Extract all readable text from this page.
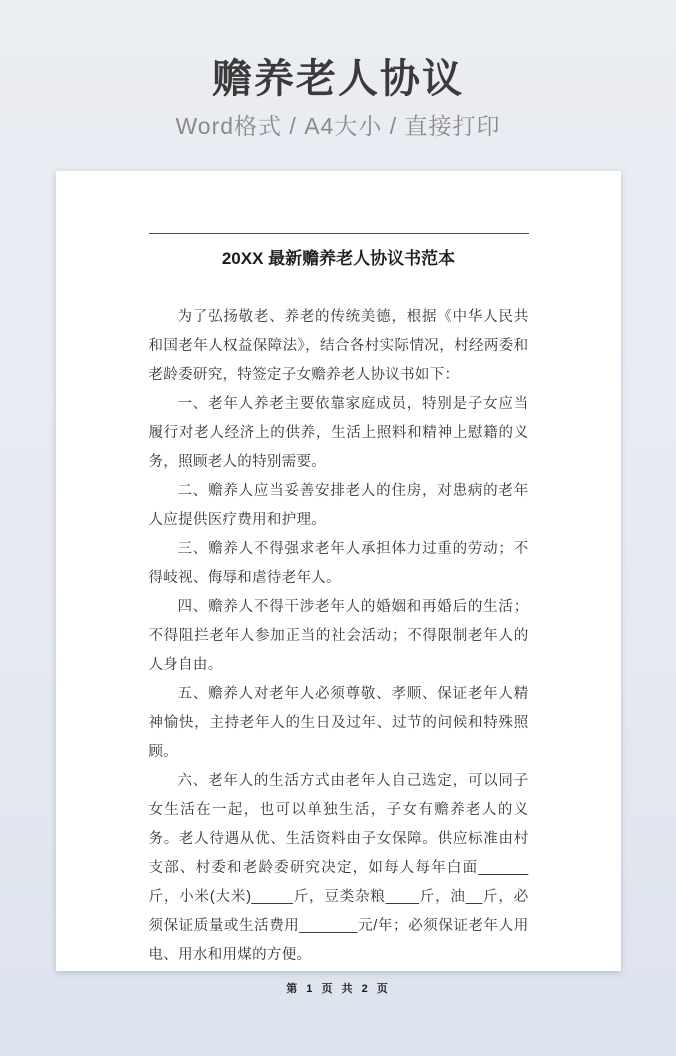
赡养老人协议
Word格式 / A4大小 / 直接打印
20XX 最新赡养老人协议书范本

为了弘扬敬老、养老的传统美德，根据《中华人民共和国老年人权益保障法》，结合各村实际情况，村经两委和老龄委研究，特签定子女赡养老人协议书如下：

一、老年人养老主要依靠家庭成员，特别是子女应当履行对老人经济上的供养，生活上照料和精神上慰籍的义务，照顾老人的特别需要。

二、赡养人应当妥善安排老人的住房，对患病的老年人应提供医疗费用和护理。

三、赡养人不得强求老年人承担体力过重的劳动；不得岐视、侮辱和虐待老年人。

四、赡养人不得干涉老年人的婚姻和再婚后的生活；不得阻拦老年人参加正当的社会活动；不得限制老年人的人身自由。

五、赡养人对老年人必须尊敬、孝顺、保证老年人精神愉快，主持老年人的生日及过年、过节的问候和特殊照顾。

六、老年人的生活方式由老年人自己选定，可以同子女生活在一起，也可以单独生活，子女有赡养老人的义务。老人待遇从优、生活资料由子女保障。供应标准由村支部、村委和老龄委研究决定，如每人每年白面______斤，小米(大米)_____斤，豆类杂粮____斤，油__斤，必须保证质量或生活费用_______元/年；必须保证老年人用电、用水和用煤的方便。

第 1 页 共 2 页
